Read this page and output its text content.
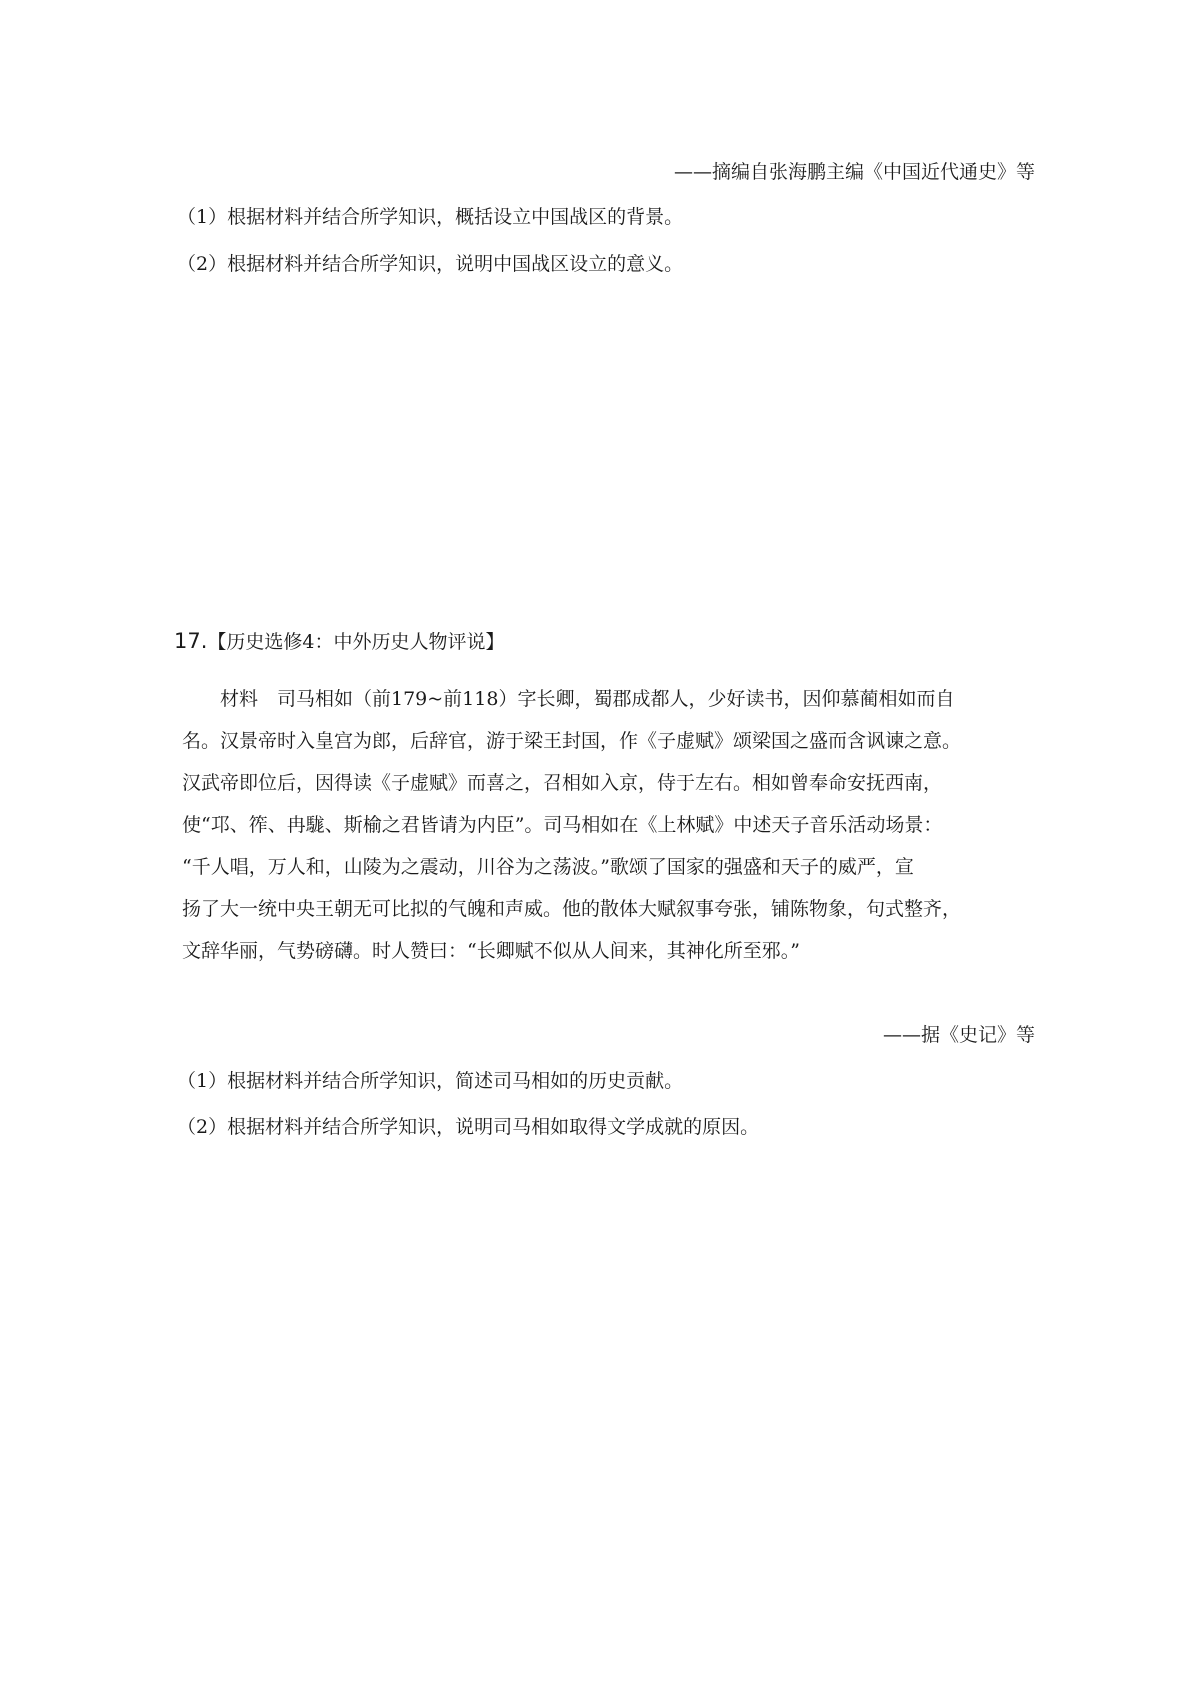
——摘编自张海鹏主编《中国近代通史》等
（1）根据材料并结合所学知识，概括设立中国战区的背景。
（2）根据材料并结合所学知识，说明中国战区设立的意义。
17.【历史选修4：中外历史人物评说】
材料　司马相如（前179~前118）字长卿，蜀郡成都人，少好读书，因仰慕蔺相如而自
名。汉景帝时入皇宫为郎，后辞官，游于梁王封国，作《子虚赋》颂梁国之盛而含讽谏之意。
汉武帝即位后，因得读《子虚赋》而喜之，召相如入京，侍于左右。相如曾奉命安抚西南，
使“邛、筰、冉駹、斯榆之君皆请为内臣”。司马相如在《上林赋》中述天子音乐活动场景：
“千人唱，万人和，山陵为之震动，川谷为之荡波。”歌颂了国家的强盛和天子的威严，宣
扬了大一统中央王朝无可比拟的气魄和声威。他的散体大赋叙事夸张，铺陈物象，句式整齐，
文辞华丽，气势磅礴。时人赞曰：“长卿赋不似从人间来，其神化所至邪。”
——据《史记》等
（1）根据材料并结合所学知识，简述司马相如的历史贡献。
（2）根据材料并结合所学知识，说明司马相如取得文学成就的原因。
